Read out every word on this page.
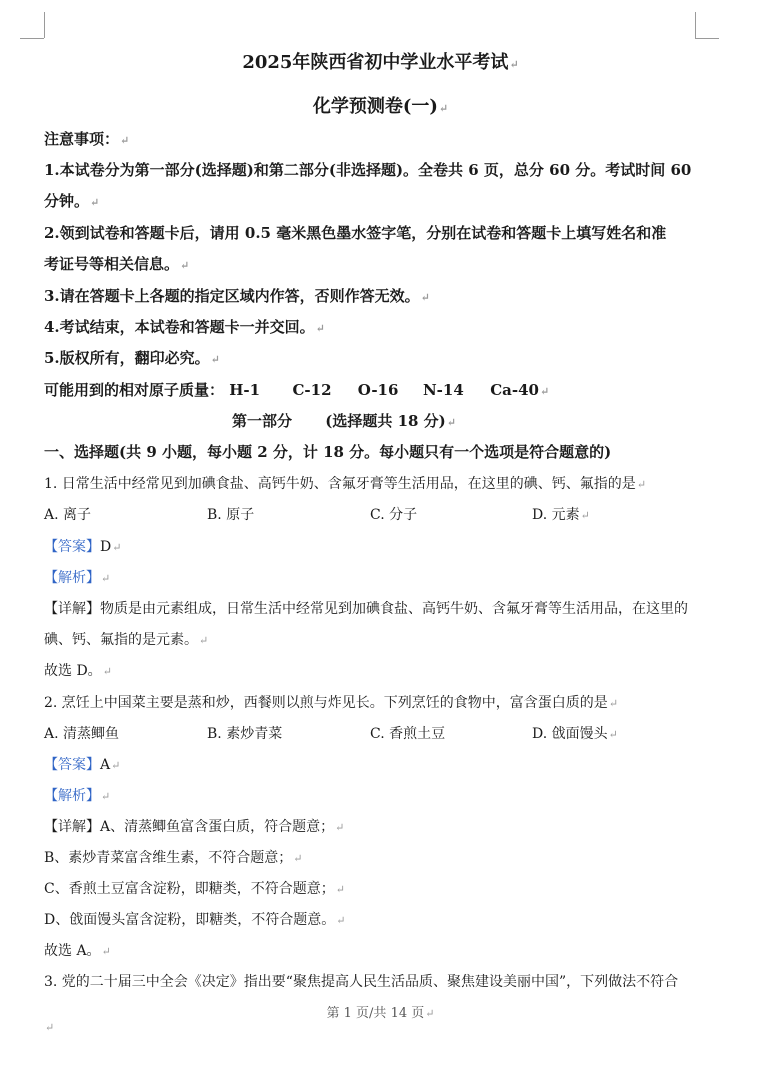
2025年陕西省初中学业水平考试↵
化学预测卷(一)↵
注意事项：↵
1.本试卷分为第一部分(选择题)和第二部分(非选择题)。全卷共 6 页，总分 60 分。考试时间 60
分钟。↵
2.领到试卷和答题卡后，请用 0.5 毫米黑色墨水签字笔，分别在试卷和答题卡上填写姓名和准
考证号等相关信息。↵
3.请在答题卡上各题的指定区域内作答，否则作答无效。↵
4.考试结束，本试卷和答题卡一并交回。↵
5.版权所有，翻印必究。↵
可能用到的相对原子质量： H-1 C-12 O-16 N-14 Ca-40↵
第一部分 (选择题共 18 分)↵
一、选择题(共 9 小题，每小题 2 分，计 18 分。每小题只有一个选项是符合题意的)
1. 日常生活中经常见到加碘食盐、高钙牛奶、含氟牙膏等生活用品，在这里的碘、钙、氟指的是↵
A. 离子	B. 原子	C. 分子	D. 元素↵
【答案】D↵
【解析】↵
【详解】物质是由元素组成，日常生活中经常见到加碘食盐、高钙牛奶、含氟牙膏等生活用品，在这里的
碘、钙、氟指的是元素。↵
故选 D。↵
2. 烹饪上中国菜主要是蒸和炒，西餐则以煎与炸见长。下列烹饪的食物中，富含蛋白质的是↵
A. 清蒸鲫鱼	B. 素炒青菜	C. 香煎土豆	D. 戗面馒头↵
【答案】A↵
【解析】↵
【详解】A、清蒸鲫鱼富含蛋白质，符合题意；↵
B、素炒青菜富含维生素，不符合题意；↵
C、香煎土豆富含淀粉，即糖类，不符合题意；↵
D、戗面馒头富含淀粉，即糖类，不符合题意。↵
故选 A。↵
3. 党的二十届三中全会《决定》指出要“聚焦提高人民生活品质、聚焦建设美丽中国”，下列做法不符合
第 1 页/共 14 页↵
↵
